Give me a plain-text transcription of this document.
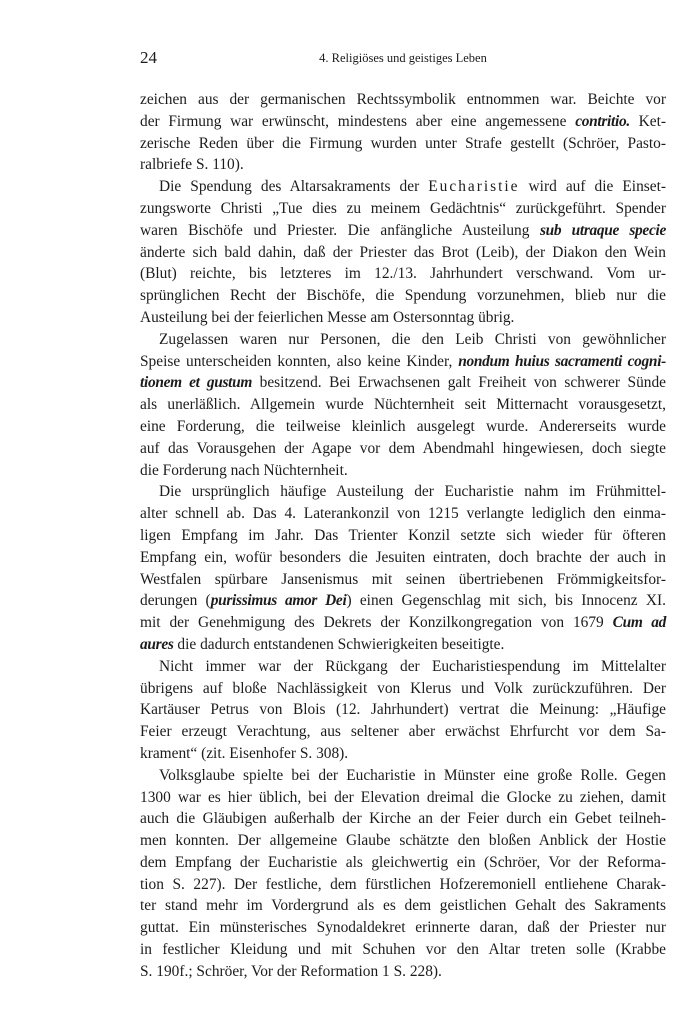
24	4. Religiöses und geistiges Leben
zeichen aus der germanischen Rechtssymbolik entnommen war. Beichte vor
der Firmung war erwünscht, mindestens aber eine angemessene contritio. Ket-
zerische Reden über die Firmung wurden unter Strafe gestellt (Schröer, Pasto-
ralbriefe S. 110).
Die Spendung des Altarsakraments der Eucharistie wird auf die Einset-
zungsworte Christi „Tue dies zu meinem Gedächtnis“ zurückgeführt. Spender
waren Bischöfe und Priester. Die anfängliche Austeilung sub utraque specie
änderte sich bald dahin, daß der Priester das Brot (Leib), der Diakon den Wein
(Blut) reichte, bis letzteres im 12./13. Jahrhundert verschwand. Vom ur-
sprünglichen Recht der Bischöfe, die Spendung vorzunehmen, blieb nur die
Austeilung bei der feierlichen Messe am Ostersonntag übrig.
Zugelassen waren nur Personen, die den Leib Christi von gewöhnlicher
Speise unterscheiden konnten, also keine Kinder, nondum huius sacramenti cogni-
tionem et gustum besitzend. Bei Erwachsenen galt Freiheit von schwerer Sünde
als unerläßlich. Allgemein wurde Nüchternheit seit Mitternacht vorausgesetzt,
eine Forderung, die teilweise kleinlich ausgelegt wurde. Andererseits wurde
auf das Vorausgehen der Agape vor dem Abendmahl hingewiesen, doch siegte
die Forderung nach Nüchternheit.
Die ursprünglich häufige Austeilung der Eucharistie nahm im Frühmittel-
alter schnell ab. Das 4. Laterankonzil von 1215 verlangte lediglich den einma-
ligen Empfang im Jahr. Das Trienter Konzil setzte sich wieder für öfteren
Empfang ein, wofür besonders die Jesuiten eintraten, doch brachte der auch in
Westfalen spürbare Jansenismus mit seinen übertriebenen Frömmigkeitsfor-
derungen (purissimus amor Dei) einen Gegenschlag mit sich, bis Innocenz XI.
mit der Genehmigung des Dekrets der Konzilkongregation von 1679 Cum ad
aures die dadurch entstandenen Schwierigkeiten beseitigte.
Nicht immer war der Rückgang der Eucharistiespendung im Mittelalter
übrigens auf bloße Nachlässigkeit von Klerus und Volk zurückzuführen. Der
Kartäuser Petrus von Blois (12. Jahrhundert) vertrat die Meinung: „Häufige
Feier erzeugt Verachtung, aus seltener aber erwächst Ehrfurcht vor dem Sa-
krament“ (zit. Eisenhofer S. 308).
Volksglaube spielte bei der Eucharistie in Münster eine große Rolle. Gegen
1300 war es hier üblich, bei der Elevation dreimal die Glocke zu ziehen, damit
auch die Gläubigen außerhalb der Kirche an der Feier durch ein Gebet teilneh-
men konnten. Der allgemeine Glaube schätzte den bloßen Anblick der Hostie
dem Empfang der Eucharistie als gleichwertig ein (Schröer, Vor der Reforma-
tion S. 227). Der festliche, dem fürstlichen Hofzeremoniell entliehene Charak-
ter stand mehr im Vordergrund als es dem geistlichen Gehalt des Sakraments
guttat. Ein münsterisches Synodaldekret erinnerte daran, daß der Priester nur
in festlicher Kleidung und mit Schuhen vor den Altar treten solle (Krabbe
S. 190f.; Schröer, Vor der Reformation 1 S. 228).
